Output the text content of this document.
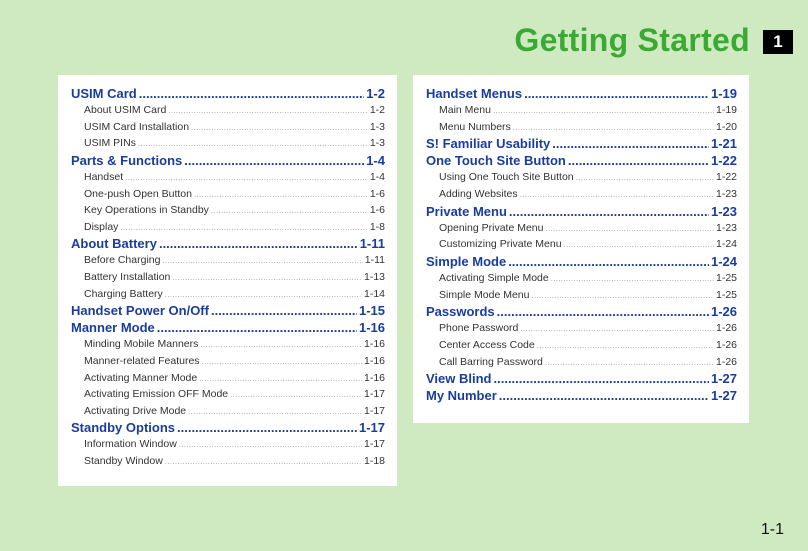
Getting Started	1
USIM Card .....	1-2
About USIM Card .....	1-2
USIM Card Installation .....	1-3
USIM PINs .....	1-3
Parts & Functions .....	1-4
Handset .....	1-4
One-push Open Button .....	1-6
Key Operations in Standby .....	1-6
Display .....	1-8
About Battery .....	1-11
Before Charging .....	1-11
Battery Installation .....	1-13
Charging Battery .....	1-14
Handset Power On/Off .....	1-15
Manner Mode .....	1-16
Minding Mobile Manners .....	1-16
Manner-related Features .....	1-16
Activating Manner Mode .....	1-16
Activating Emission OFF Mode .....	1-17
Activating Drive Mode .....	1-17
Standby Options .....	1-17
Information Window .....	1-17
Standby Window .....	1-18
Handset Menus .....	1-19
Main Menu .....	1-19
Menu Numbers .....	1-20
S! Familiar Usability .....	1-21
One Touch Site Button .....	1-22
Using One Touch Site Button .....	1-22
Adding Websites .....	1-23
Private Menu .....	1-23
Opening Private Menu .....	1-23
Customizing Private Menu .....	1-24
Simple Mode .....	1-24
Activating Simple Mode .....	1-25
Simple Mode Menu .....	1-25
Passwords .....	1-26
Phone Password .....	1-26
Center Access Code .....	1-26
Call Barring Password .....	1-26
View Blind .....	1-27
My Number .....	1-27
1-1
